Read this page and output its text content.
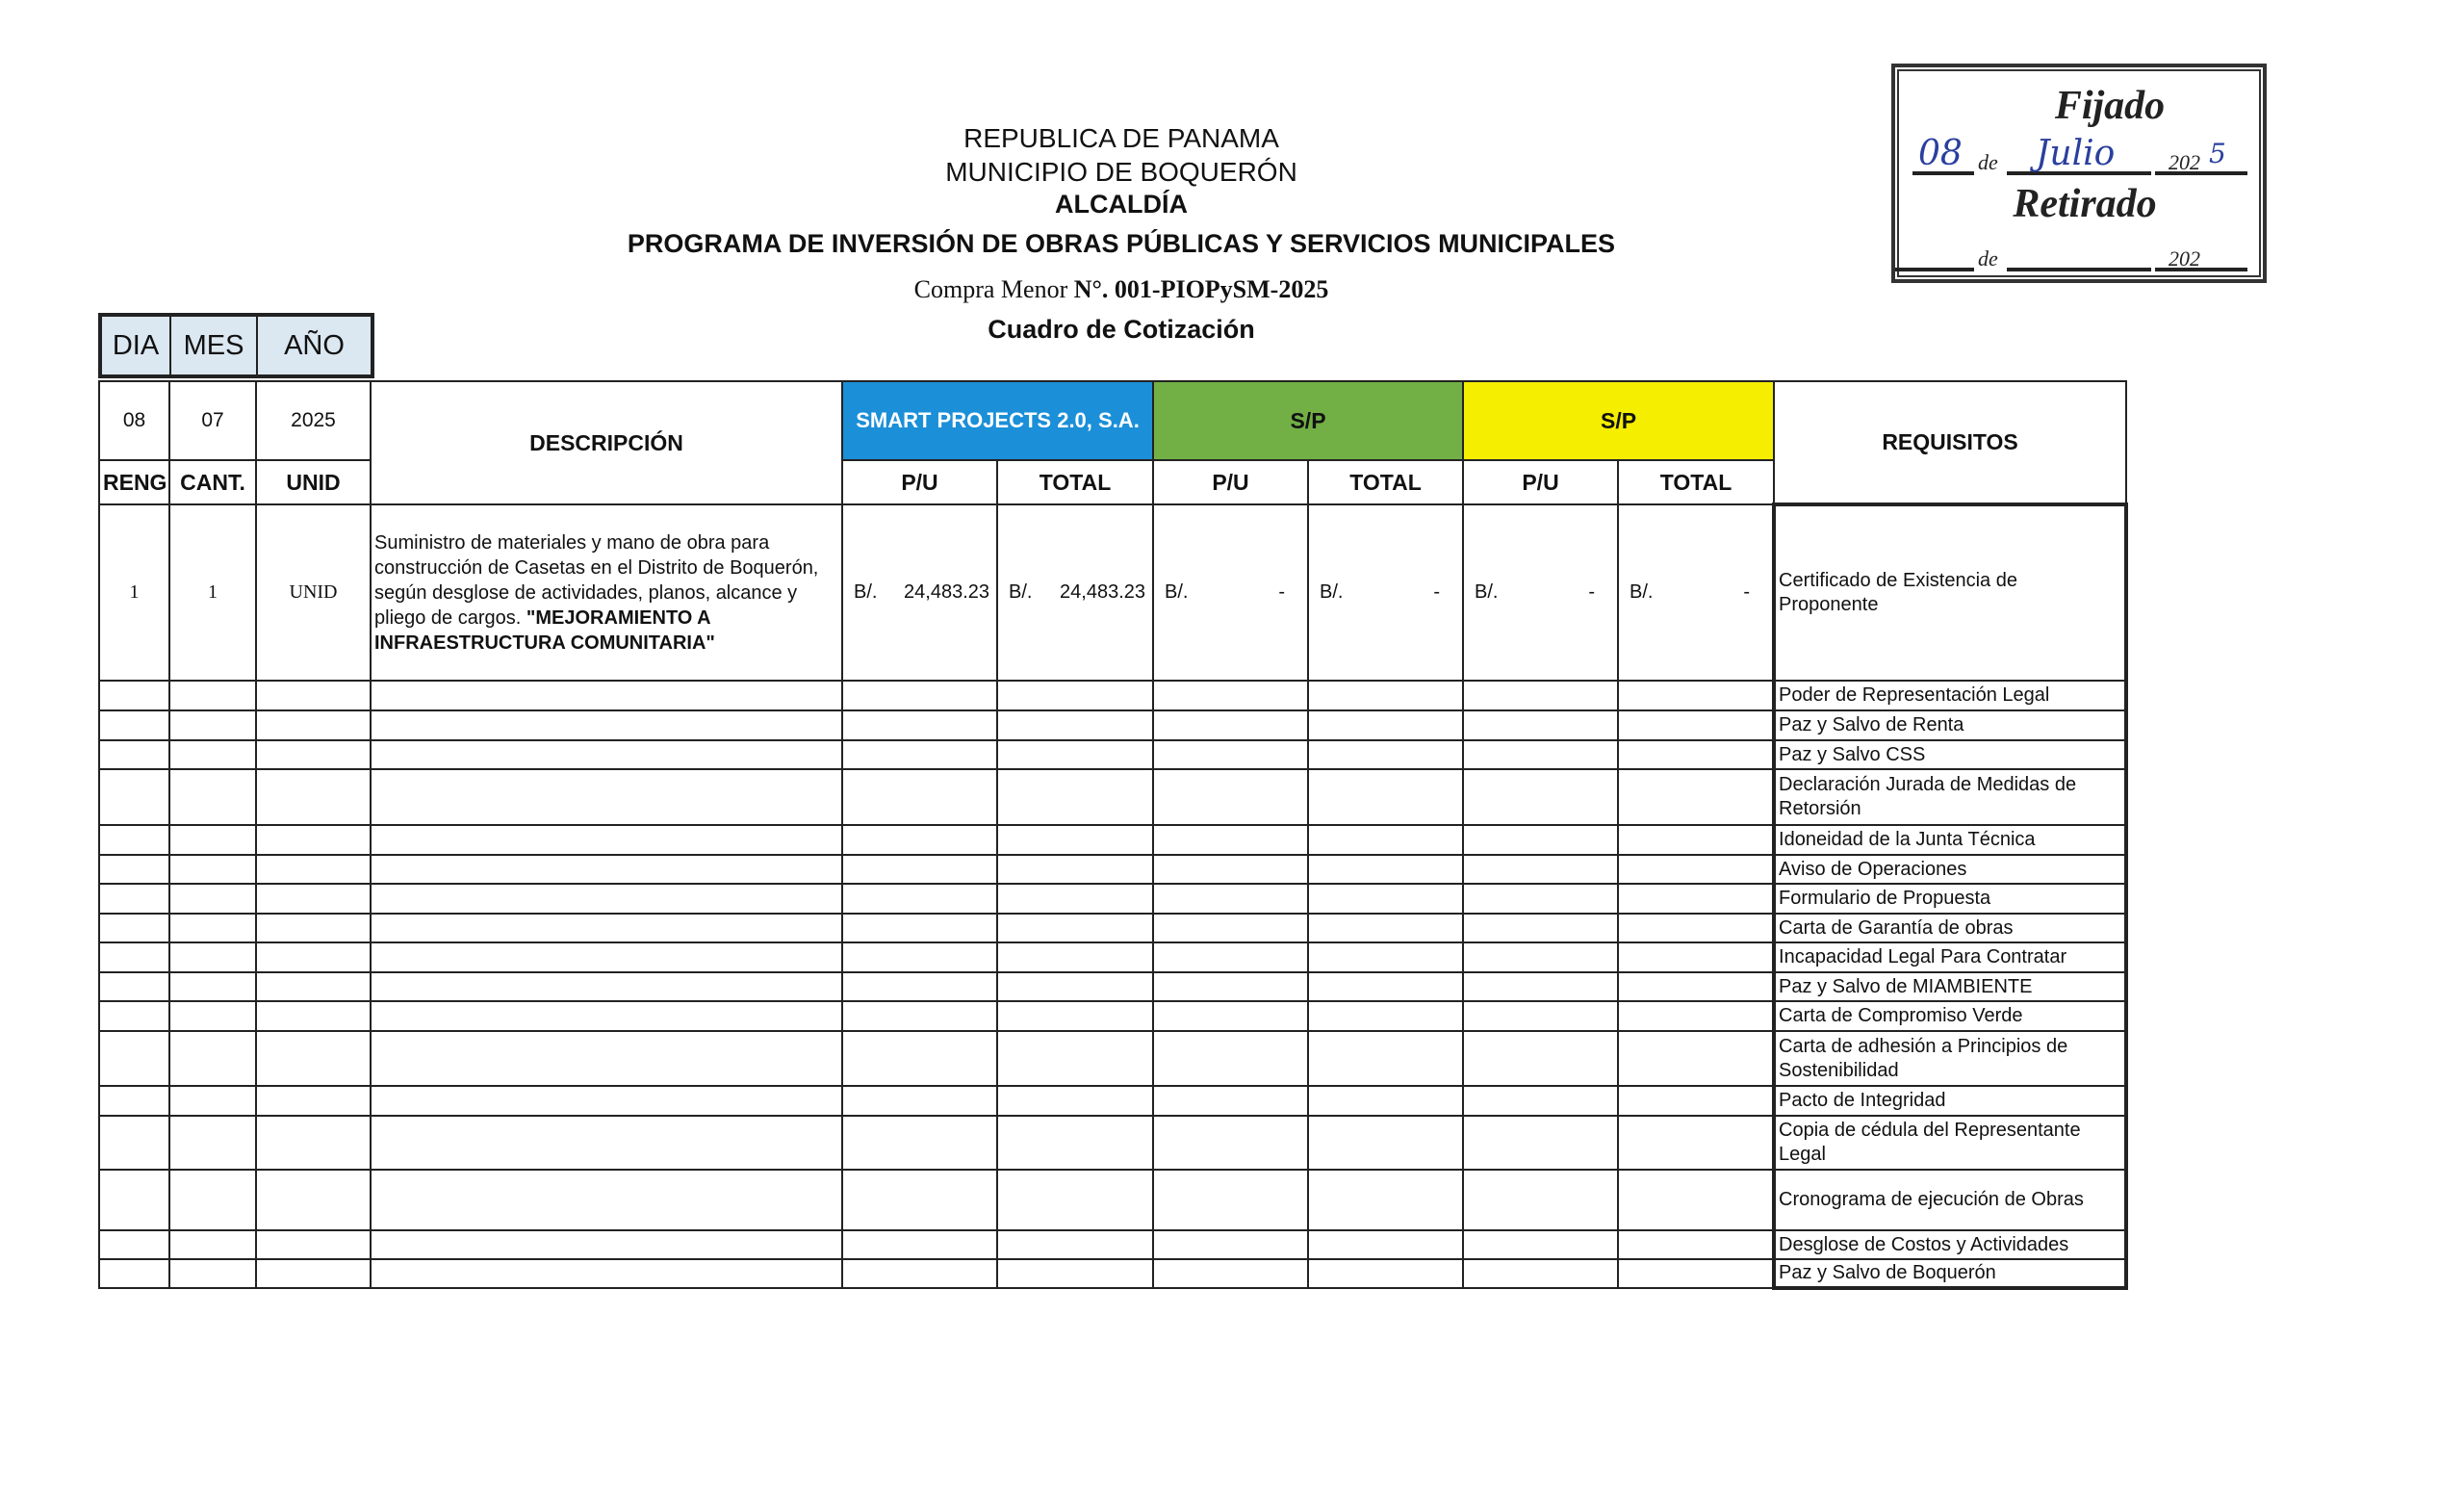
REPUBLICA DE PANAMA
MUNICIPIO DE BOQUERÓN
ALCALDÍA
PROGRAMA DE INVERSIÓN DE OBRAS PÚBLICAS Y SERVICIOS MUNICIPALES
Compra Menor N°. 001-PIOPySM-2025
Cuadro de Cotización
Fijado
08 de Julio	202 5
Retirado
de	202
DIA MES	AÑO
08	07	2025	DESCRIPCIÓN	SMART PROJECTS 2.0, S.A.		S/P		S/P		REQUISITOS
RENG	CANT.	UNID		P/U	TOTAL	P/U	TOTAL	P/U	TOTAL	
1	1	UNID	Suministro de materiales y mano de obra para construcción de Casetas en el Distrito de Boquerón, según desglose de actividades, planos, alcance y pliego de cargos. "MEJORAMIENTO A INFRAESTRUCTURA COMUNITARIA"	B/. 24,483.23	B/. 24,483.23	B/. -	B/. -	B/. -	B/. -	Certificado de Existencia de Proponente
										Poder de Representación Legal
										Paz y Salvo de Renta
										Paz y Salvo CSS
										Declaración Jurada de Medidas de Retorsión
										Idoneidad de la Junta Técnica
										Aviso de Operaciones
										Formulario de Propuesta
										Carta de Garantía de obras
										Incapacidad Legal Para Contratar
										Paz y Salvo de MIAMBIENTE
										Carta de Compromiso Verde
										Carta de adhesión a Principios de Sostenibilidad
										Pacto de Integridad
										Copia de cédula del Representante Legal
										Cronograma de ejecución de Obras
										Desglose de Costos y Actividades
										Paz y Salvo de Boquerón
